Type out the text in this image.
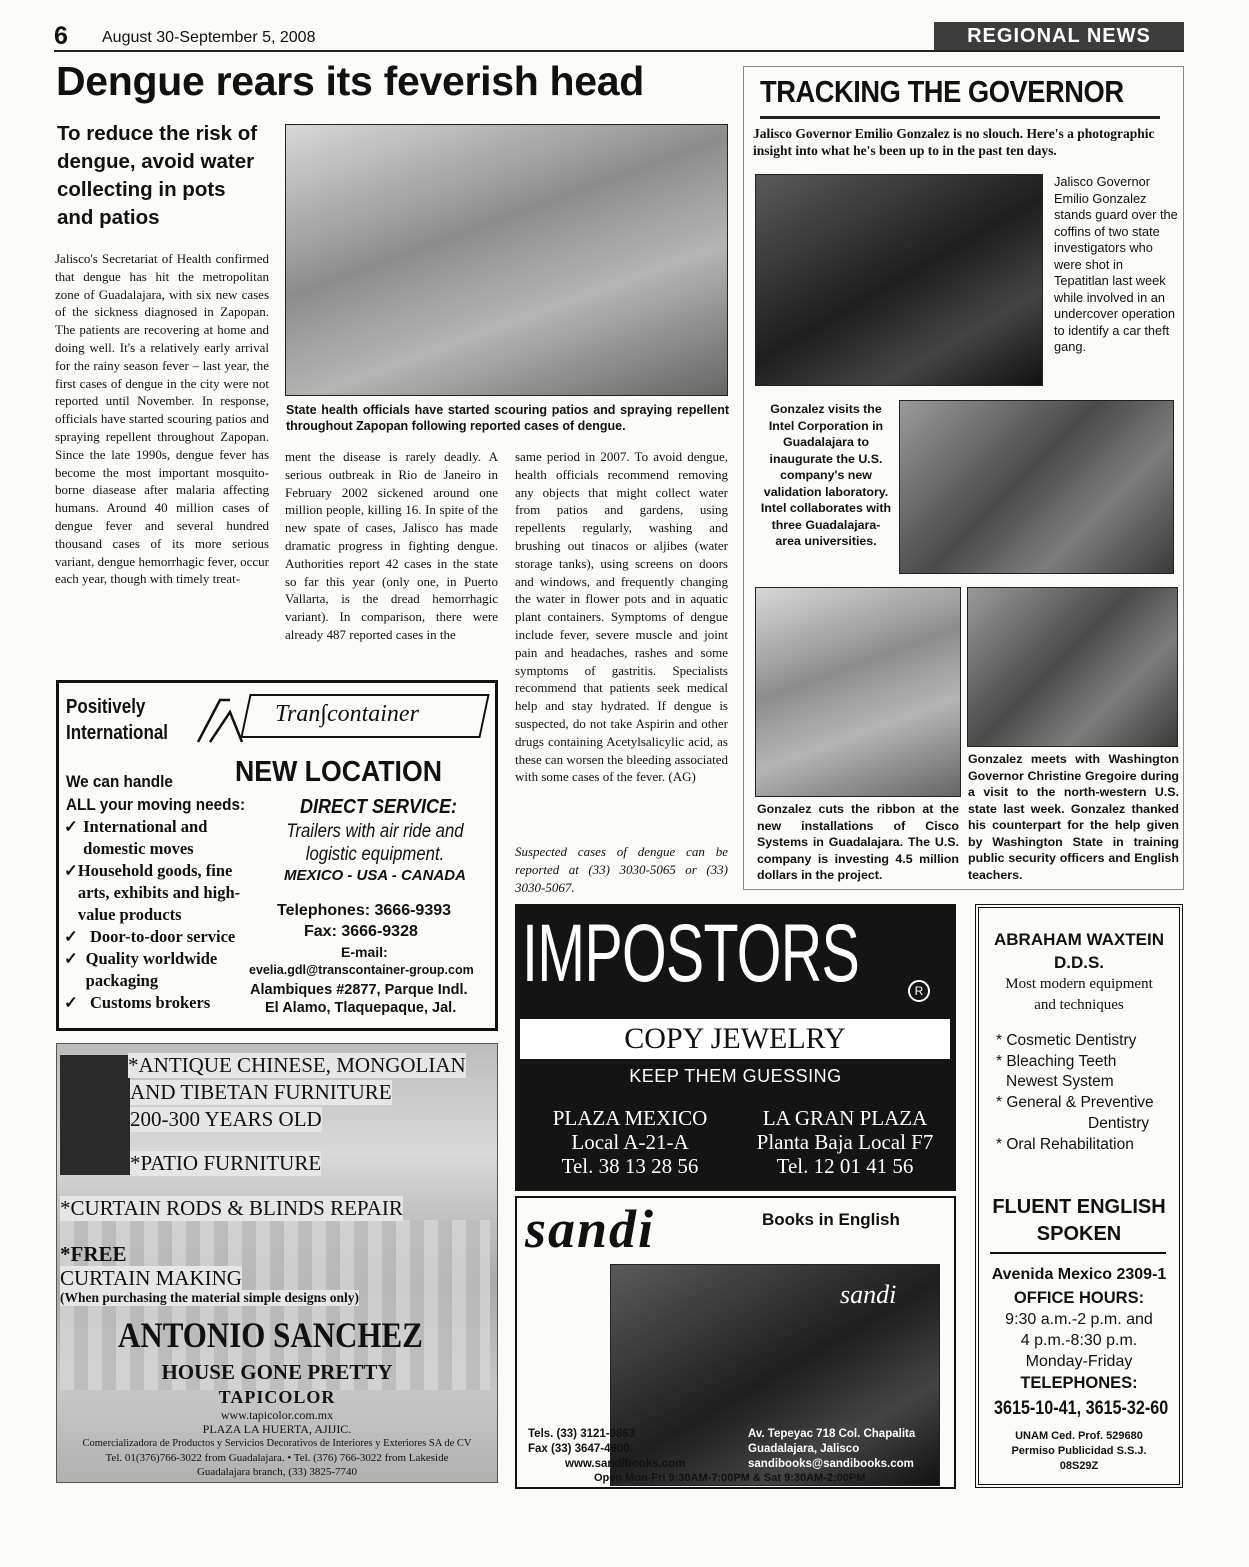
6 August 30-September 5, 2008	REGIONAL NEWS
Dengue rears its feverish head
To reduce the risk of dengue, avoid water collecting in pots and patios
State health officials have started scouring patios and spraying repellent throughout Zapopan following reported cases of dengue.

Jalisco's Secretariat of Health confirmed that dengue has hit the metropolitan zone of Guadalajara, with six new cases of the sickness diagnosed in Zapopan. The patients are recovering at home and doing well. It's a relatively early arrival for the rainy season fever – last year, the first cases of dengue in the city were not reported until November. In response, officials have started scouring patios and spraying repellent throughout Zapopan. Since the late 1990s, dengue fever has become the most important mosquito-borne diasease after malaria affecting humans. Around 40 million cases of dengue fever and several hundred thousand cases of its more serious variant, dengue hemorrhagic fever, occur each year, though with timely treat-

ment the disease is rarely deadly. A serious outbreak in Rio de Janeiro in February 2002 sickened around one million people, killing 16. In spite of the new spate of cases, Jalisco has made dramatic progress in fighting dengue. Authorities report 42 cases in the state so far this year (only one, in Puerto Vallarta, is the dread hemorrhagic variant). In comparison, there were already 487 reported cases in the

same period in 2007. To avoid dengue, health officials recommend removing any objects that might collect water from patios and gardens, using repellents regularly, washing and brushing out tinacos or aljibes (water storage tanks), using screens on doors and windows, and frequently changing the water in flower pots and in aquatic plant containers. Symptoms of dengue include fever, severe muscle and joint pain and headaches, rashes and some symptoms of gastritis. Specialists recommend that patients seek medical help and stay hydrated. If dengue is suspected, do not take Aspirin and other drugs containing Acetylsalicylic acid, as these can worsen the bleeding associated with some cases of the fever. (AG)

Suspected cases of dengue can be reported at (33) 3030-5065 or (33) 3030-5067.

TRACKING THE GOVERNOR
Jalisco Governor Emilio Gonzalez is no slouch. Here's a photographic insight into what he's been up to in the past ten days.
Jalisco Governor Emilio Gonzalez stands guard over the coffins of two state investigators who were shot in Tepatitlan last week while involved in an undercover operation to identify a car theft gang.
Gonzalez visits the Intel Corporation in Guadalajara to inaugurate the U.S. company's new validation laboratory. Intel collaborates with three Guadalajara-area universities.
Gonzalez cuts the ribbon at the new installations of Cisco Systems in Guadalajara. The U.S. company is investing 4.5 million dollars in the project.
Gonzalez meets with Washington Governor Christine Gregoire during a visit to the north-western U.S. state last week. Gonzalez thanked his counterpart for the help given by Washington State in training public security officers and English teachers.
Positively
International
Tran∫container
We can handle NEW LOCATION
ALL your moving needs:
✓ International and domestic moves
✓ Household goods, fine arts, exhibits and high-value products
✓ Door-to-door service
✓ Quality worldwide packaging
✓ Customs brokers
DIRECT SERVICE:
Trailers with air ride and logistic equipment.
MEXICO - USA - CANADA
Telephones: 3666-9393
Fax: 3666-9328
E-mail:
evelia.gdl@transcontainer-group.com
Alambiques #2877, Parque Indl.
El Alamo, Tlaquepaque, Jal.
*ANTIQUE CHINESE, MONGOLIAN
AND TIBETAN FURNITURE
200-300 YEARS OLD
*PATIO FURNITURE
*CURTAIN RODS & BLINDS REPAIR
*FREE
CURTAIN MAKING
(When purchasing the material simple designs only)
ANTONIO SANCHEZ
HOUSE GONE PRETTY
TAPICOLOR
www.tapicolor.com.mx
PLAZA LA HUERTA, AJIJIC.
Comercializadora de Productos y Servicios Decorativos de Interiores y Exteriores SA de CV
Tel. 01(376)766-3022 from Guadalajara. • Tel. (376) 766-3022 from Lakeside
Guadalajara branch, (33) 3825-7740
IMPOSTORS	R
COPY JEWELRY
KEEP THEM GUESSING
PLAZA MEXICO
Local A-21-A
Tel. 38 13 28 56
LA GRAN PLAZA
Planta Baja Local F7
Tel. 12 01 41 56
sandi	Books in English
sandi
Tels. (33) 3121-0863
Fax (33) 3647-4600
www.sandibooks.com
Av. Tepeyac 718 Col. Chapalita
Guadalajara, Jalisco
sandibooks@sandibooks.com
Open Mon-Fri 9:30AM-7:00PM & Sat 9:30AM-2:00PM
ABRAHAM WAXTEIN
D.D.S.
Most modern equipment
and techniques
* Cosmetic Dentistry
* Bleaching Teeth
Newest System
* General & Preventive
Dentistry
* Oral Rehabilitation
FLUENT ENGLISH
SPOKEN
Avenida Mexico 2309-1
OFFICE HOURS:
9:30 a.m.-2 p.m. and
4 p.m.-8:30 p.m.
Monday-Friday
TELEPHONES:
3615-10-41, 3615-32-60
UNAM Ced. Prof. 529680
Permiso Publicidad S.S.J.
08S29Z
